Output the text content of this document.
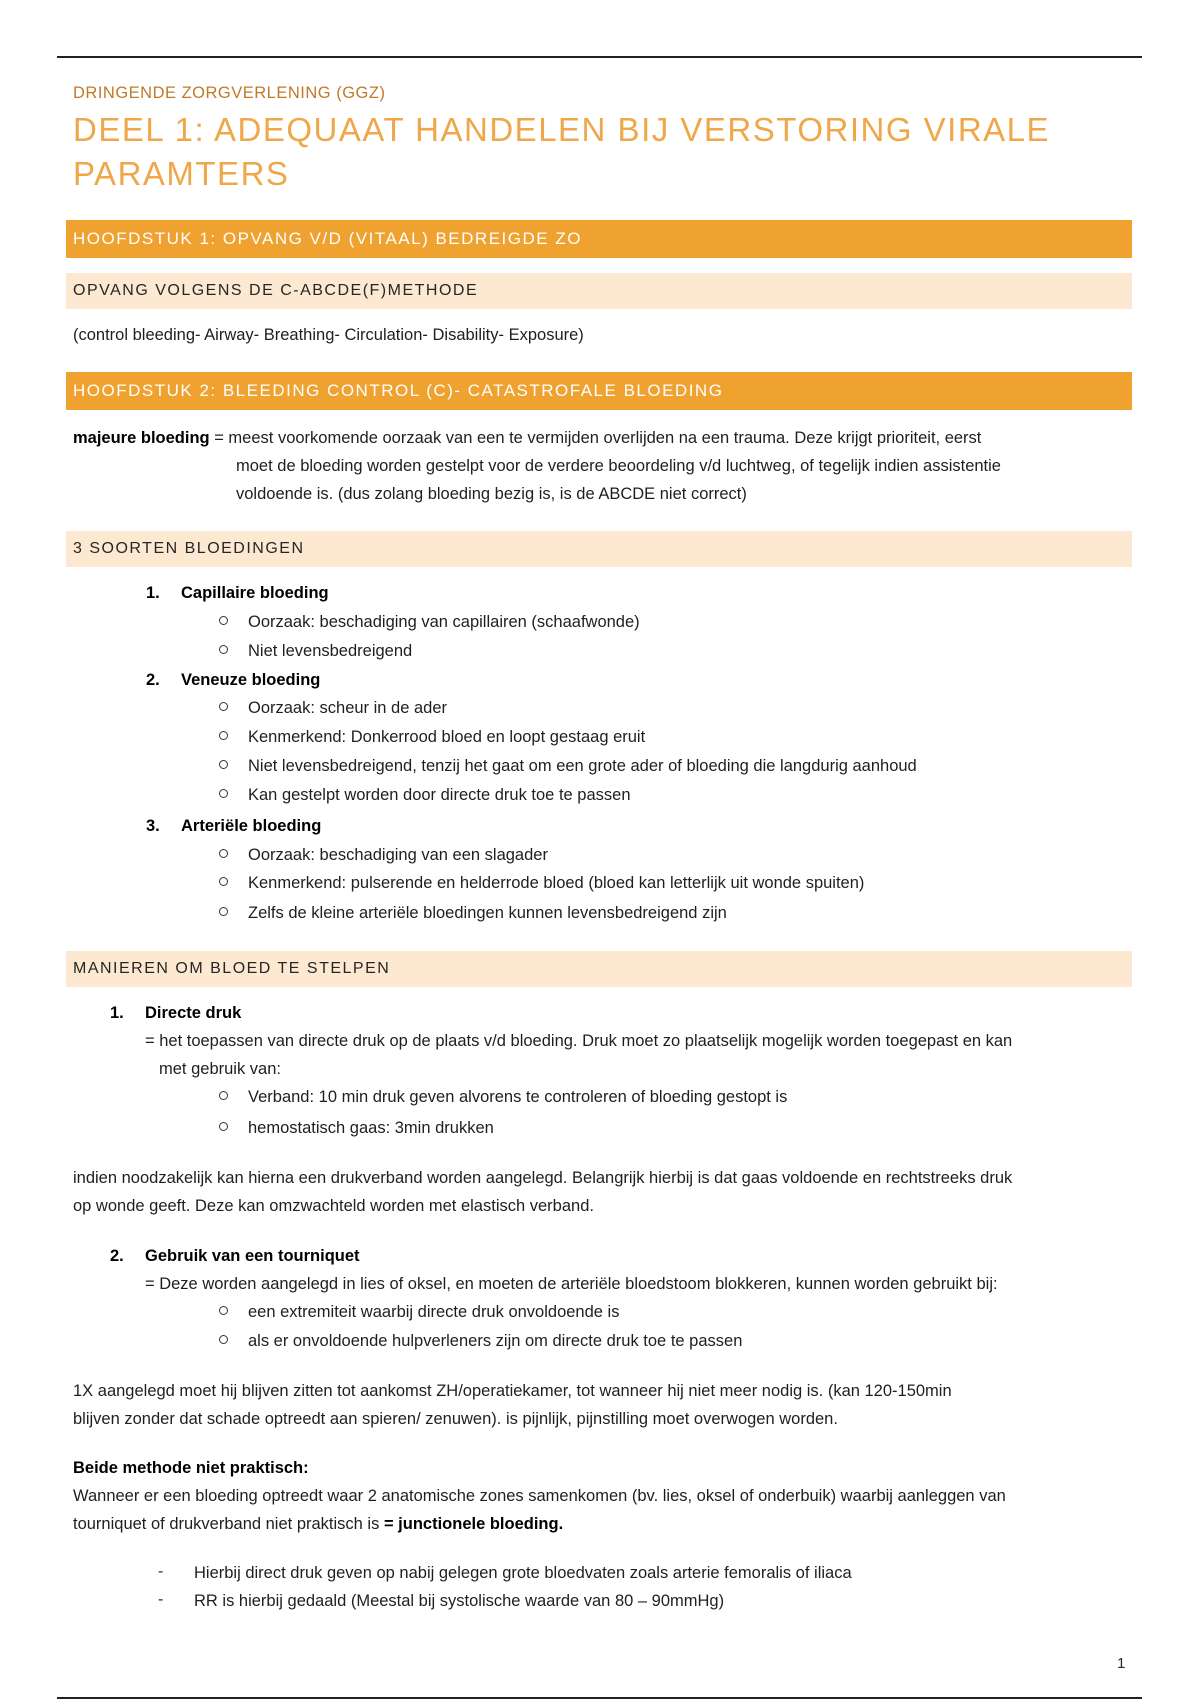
DRINGENDE ZORGVERLENING (GGZ)
DEEL 1: ADEQUAAT HANDELEN BIJ VERSTORING VIRALE PARAMTERS
HOOFDSTUK 1: OPVANG V/D (VITAAL) BEDREIGDE ZO
OPVANG VOLGENS DE C-ABCDE(F)METHODE
(control bleeding- Airway- Breathing- Circulation- Disability- Exposure)
HOOFDSTUK 2: BLEEDING CONTROL (C)- CATASTROFALE BLOEDING
majeure bloeding = meest voorkomende oorzaak van een te vermijden overlijden na een trauma. Deze krijgt prioriteit, eerst
moet de bloeding worden gestelpt voor de verdere beoordeling v/d luchtweg, of tegelijk indien assistentie
voldoende is. (dus zolang bloeding bezig is, is de ABCDE niet correct)
3 SOORTEN BLOEDINGEN
1. Capillaire bloeding
Oorzaak: beschadiging van capillairen (schaafwonde)
Niet levensbedreigend
2. Veneuze bloeding
Oorzaak: scheur in de ader
Kenmerkend: Donkerrood bloed en loopt gestaag eruit
Niet levensbedreigend, tenzij het gaat om een grote ader of bloeding die langdurig aanhoud
Kan gestelpt worden door directe druk toe te passen
3. Arteriële bloeding
Oorzaak: beschadiging van een slagader
Kenmerkend: pulserende en helderrode bloed (bloed kan letterlijk uit wonde spuiten)
Zelfs de kleine arteriële bloedingen kunnen levensbedreigend zijn
MANIEREN OM BLOED TE STELPEN
1. Directe druk
= het toepassen van directe druk op de plaats v/d bloeding. Druk moet zo plaatselijk mogelijk worden toegepast en kan
met gebruik van:
Verband: 10 min druk geven alvorens te controleren of bloeding gestopt is
hemostatisch gaas: 3min drukken
indien noodzakelijk kan hierna een drukverband worden aangelegd. Belangrijk hierbij is dat gaas voldoende en rechtstreeks druk
op wonde geeft. Deze kan omzwachteld worden met elastisch verband.
2. Gebruik van een tourniquet
= Deze worden aangelegd in lies of oksel, en moeten de arteriële bloedstoom blokkeren, kunnen worden gebruikt bij:
een extremiteit waarbij directe druk onvoldoende is
als er onvoldoende hulpverleners zijn om directe druk toe te passen
1X aangelegd moet hij blijven zitten tot aankomst ZH/operatiekamer, tot wanneer hij niet meer nodig is. (kan 120-150min
blijven zonder dat schade optreedt aan spieren/ zenuwen). is pijnlijk, pijnstilling moet overwogen worden.
Beide methode niet praktisch:
Wanneer er een bloeding optreedt waar 2 anatomische zones samenkomen (bv. lies, oksel of onderbuik) waarbij aanleggen van
tourniquet of drukverband niet praktisch is = junctionele bloeding.
- Hierbij direct druk geven op nabij gelegen grote bloedvaten zoals arterie femoralis of iliaca
- RR is hierbij gedaald (Meestal bij systolische waarde van 80 – 90mmHg)
1
